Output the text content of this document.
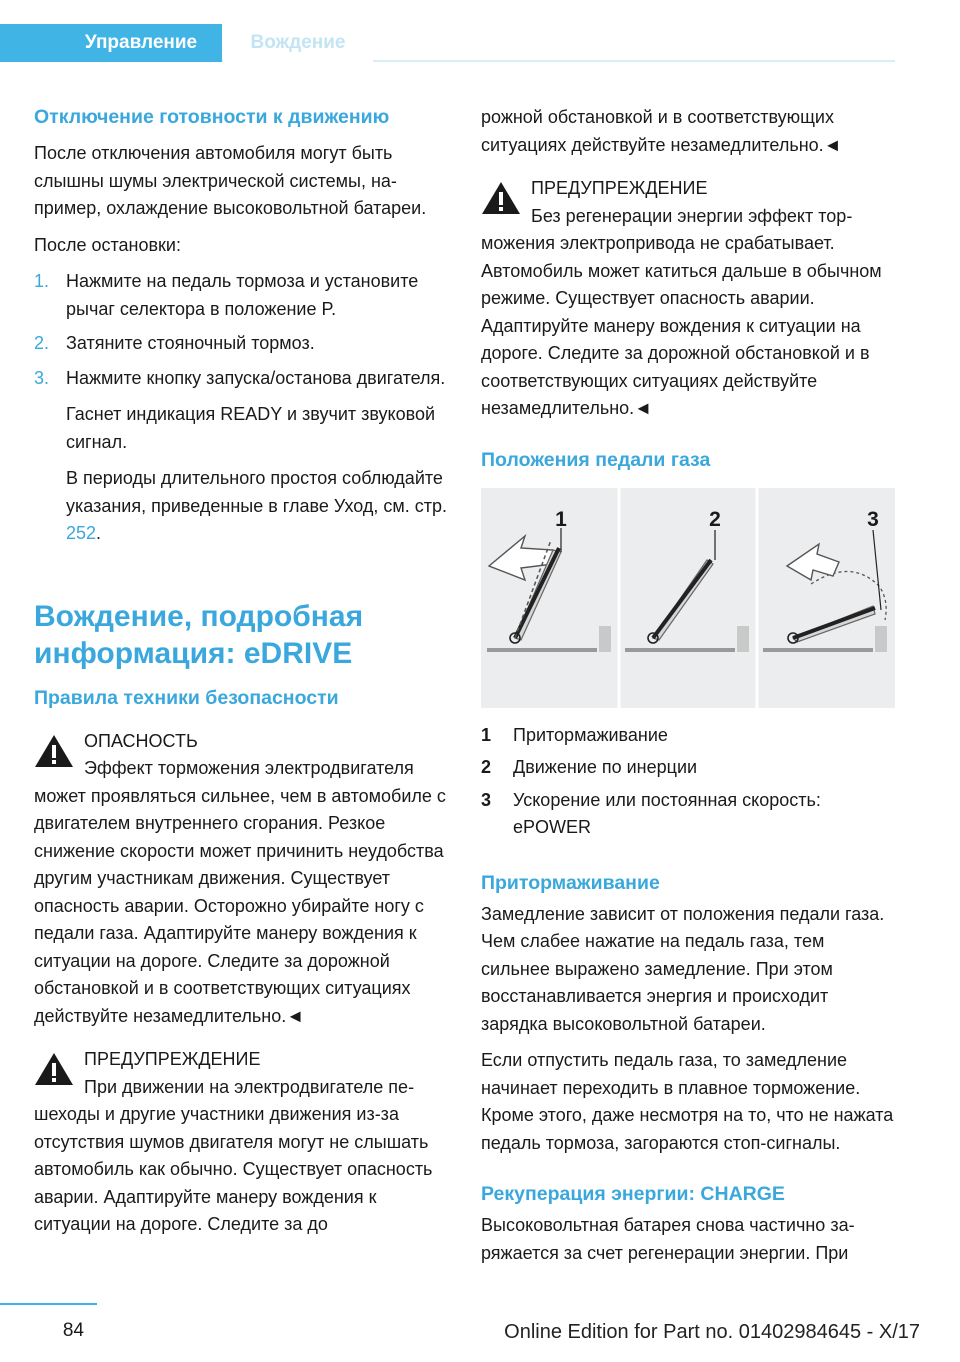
Управление	Вождение

Отключение готовности к движению

После отключения автомобиля могут быть слышны шумы электрической системы, например, охлаждение высоковольтной батареи.

После остановки:

1. Нажмите на педаль тормоза и установите рычаг селектора в положение P.
2. Затяните стояночный тормоз.
3. Нажмите кнопку запуска/останова двигателя.

Гаснет индикация READY и звучит звуковой сигнал.

В периоды длительного простоя соблюдайте указания, приведенные в главе Уход, см. стр. 252.

Вождение, подробная информация: eDRIVE

Правила техники безопасности

ОПАСНОСТЬ
Эффект торможения электродвигателя может проявляться сильнее, чем в автомобиле с двигателем внутреннего сгорания. Резкое снижение скорости может причинить неудобства другим участникам движения. Существует опасность аварии. Осторожно убирайте ногу с педали газа. Адаптируйте манеру вождения к ситуации на дороге. Следите за дорожной обстановкой и в соответствующих ситуациях действуйте незамедлительно.◄
ПРЕДУПРЕЖДЕНИЕ
При движении на электродвигателе пешеходы и другие участники движения из-за отсутствия шумов двигателя могут не слышать автомобиль как обычно. Существует опасность аварии. Адаптируйте манеру вождения к ситуации на дороге. Следите за до

рожной обстановкой и в соответствующих ситуациях действуйте незамедлительно.◄

ПРЕДУПРЕЖДЕНИЕ
Без регенерации энергии эффект торможения электропривода не срабатывает. Автомобиль может катиться дальше в обычном режиме. Существует опасность аварии. Адаптируйте манеру вождения к ситуации на дороге. Следите за дорожной обстановкой и в соответствующих ситуациях действуйте незамедлительно.◄

Положения педали газа

1	2	3
1	Притормаживание
2	Движение по инерции
3	Ускорение или постоянная скорость: ePOWER

Притормаживание

Замедление зависит от положения педали газа. Чем слабее нажатие на педаль газа, тем сильнее выражено замедление. При этом восстанавливается энергия и происходит зарядка высоковольтной батареи.

Если отпустить педаль газа, то замедление начинает переходить в плавное торможение. Кроме этого, даже несмотря на то, что не нажата педаль тормоза, загораются стоп-сигналы.

Рекуперация энергии: CHARGE

Высоковольтная батарея снова частично заряжается за счет регенерации энергии. При

84	Online Edition for Part no. 01402984645 - X/17
